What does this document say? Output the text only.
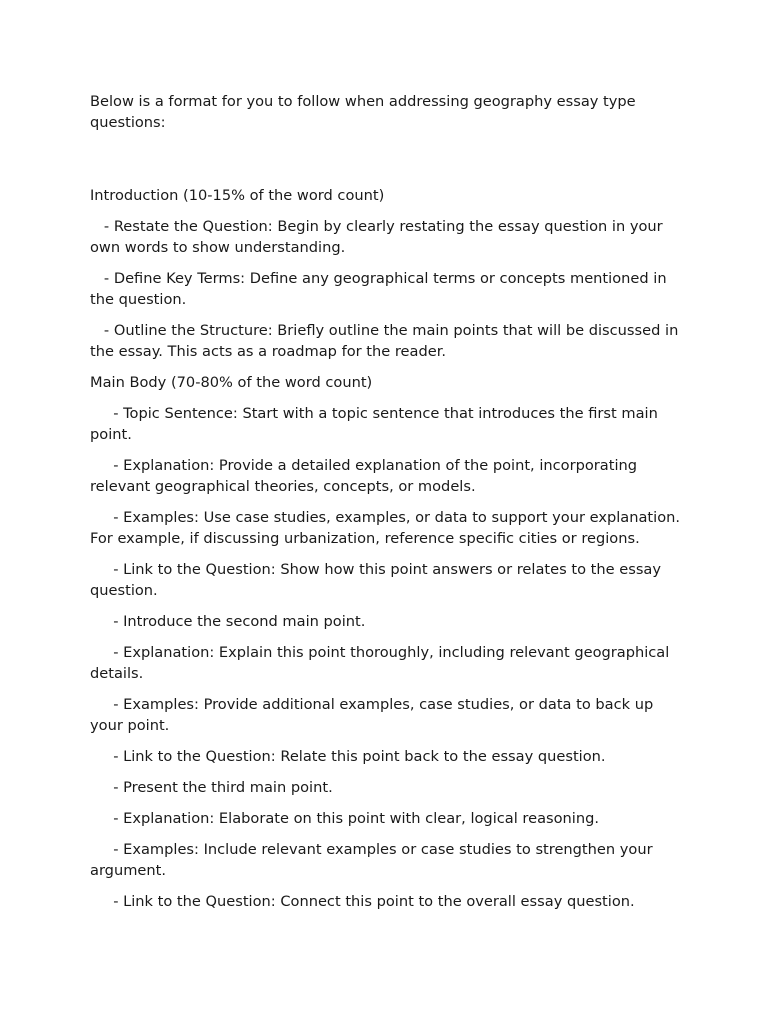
Below is a format for you to follow when addressing geography essay type questions:

Introduction (10-15% of the word count)

- Restate the Question: Begin by clearly restating the essay question in your own words to show understanding.

- Define Key Terms: Define any geographical terms or concepts mentioned in the question.

- Outline the Structure: Briefly outline the main points that will be discussed in the essay. This acts as a roadmap for the reader.

Main Body (70-80% of the word count)

- Topic Sentence: Start with a topic sentence that introduces the first main point.

- Explanation: Provide a detailed explanation of the point, incorporating relevant geographical theories, concepts, or models.

- Examples: Use case studies, examples, or data to support your explanation. For example, if discussing urbanization, reference specific cities or regions.

- Link to the Question: Show how this point answers or relates to the essay question.

- Introduce the second main point.

- Explanation: Explain this point thoroughly, including relevant geographical details.

- Examples: Provide additional examples, case studies, or data to back up your point.

- Link to the Question: Relate this point back to the essay question.

- Present the third main point.

- Explanation: Elaborate on this point with clear, logical reasoning.

- Examples: Include relevant examples or case studies to strengthen your argument.

- Link to the Question: Connect this point to the overall essay question.
